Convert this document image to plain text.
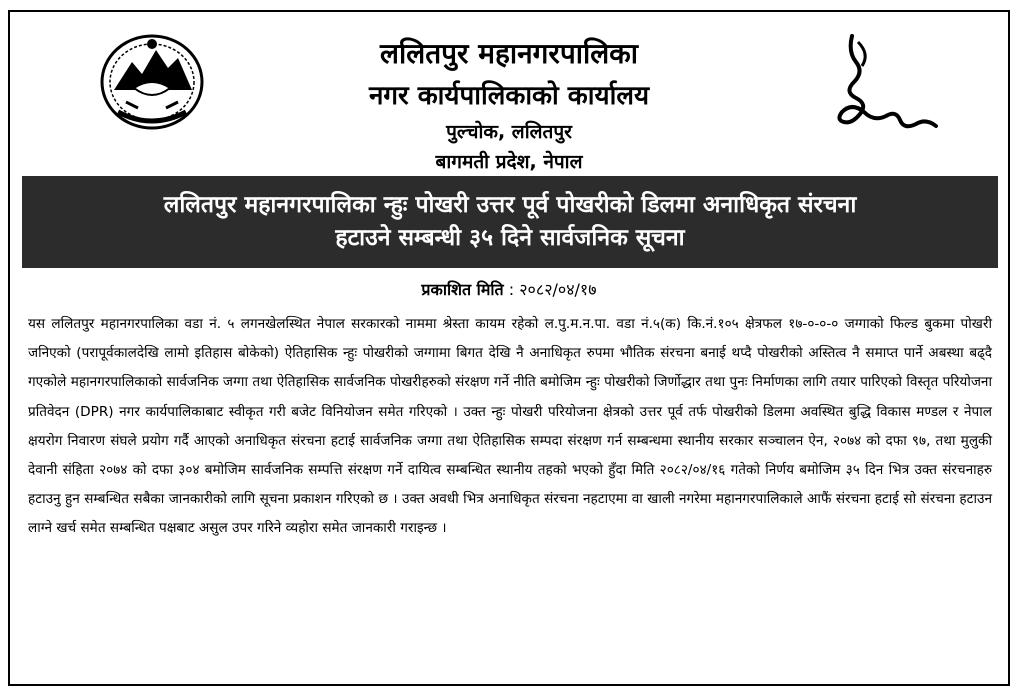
ललितपुर महानगरपालिका
नगर कार्यपालिकाको कार्यालय
पुल्चोक, ललितपुर
बागमती प्रदेश, नेपाल
ललितपुर महानगरपालिका न्हुः पोखरी उत्तर पूर्व पोखरीको डिलमा अनाधिकृत संरचना
हटाउने सम्बन्धी ३५ दिने सार्वजनिक सूचना
प्रकाशित मिति : २०८२/०४/१७
यस ललितपुर महानगरपालिका वडा नं. ५ लगनखेलस्थित नेपाल सरकारको नाममा श्रेस्ता कायम रहेको ल.पु.म.न.पा. वडा नं.५(क) कि.नं.१०५ क्षेत्रफल १७-०-०-० जग्गाको फिल्ड बुकमा पोखरी जनिएको (परापूर्वकालदेखि लामो इतिहास बोकेको) ऐतिहासिक न्हुः पोखरीको जग्गामा बिगत देखि नै अनाधिकृत रुपमा भौतिक संरचना बनाई थप्दै पोखरीको अस्तित्व नै समाप्त पार्ने अबस्था बढ्दै गएकोले महानगरपालिकाको सार्वजनिक जग्गा तथा ऐतिहासिक सार्वजनिक पोखरीहरुको संरक्षण गर्ने नीति बमोजिम न्हुः पोखरीको जिर्णोद्धार तथा पुनः निर्माणका लागि तयार पारिएको विस्तृत परियोजना प्रतिवेदन (DPR) नगर कार्यपालिकाबाट स्वीकृत गरी बजेट विनियोजन समेत गरिएको । उक्त न्हुः पोखरी परियोजना क्षेत्रको उत्तर पूर्व तर्फ पोखरीको डिलमा अवस्थित बुद्धि विकास मण्डल र नेपाल क्षयरोग निवारण संघले प्रयोग गर्दै आएको अनाधिकृत संरचना हटाई सार्वजनिक जग्गा तथा ऐतिहासिक सम्पदा संरक्षण गर्न सम्बन्धमा स्थानीय सरकार सञ्चालन ऐन, २०७४ को दफा ९७, तथा मुलुकी देवानी संहिता २०७४ को दफा ३०४ बमोजिम सार्वजनिक सम्पत्ति संरक्षण गर्ने दायित्व सम्बन्धित स्थानीय तहको भएको हुँदा मिति २०८२/०४/१६ गतेको निर्णय बमोजिम ३५ दिन भित्र उक्त संरचनाहरु हटाउनु हुन सम्बन्धित सबैका जानकारीको लागि सूचना प्रकाशन गरिएको छ । उक्त अवधी भित्र अनाधिकृत संरचना नहटाएमा वा खाली नगरेमा महानगरपालिकाले आफैं संरचना हटाई सो संरचना हटाउन लाग्ने खर्च समेत सम्बन्धित पक्षबाट असुल उपर गरिने व्यहोरा समेत जानकारी गराइन्छ ।
